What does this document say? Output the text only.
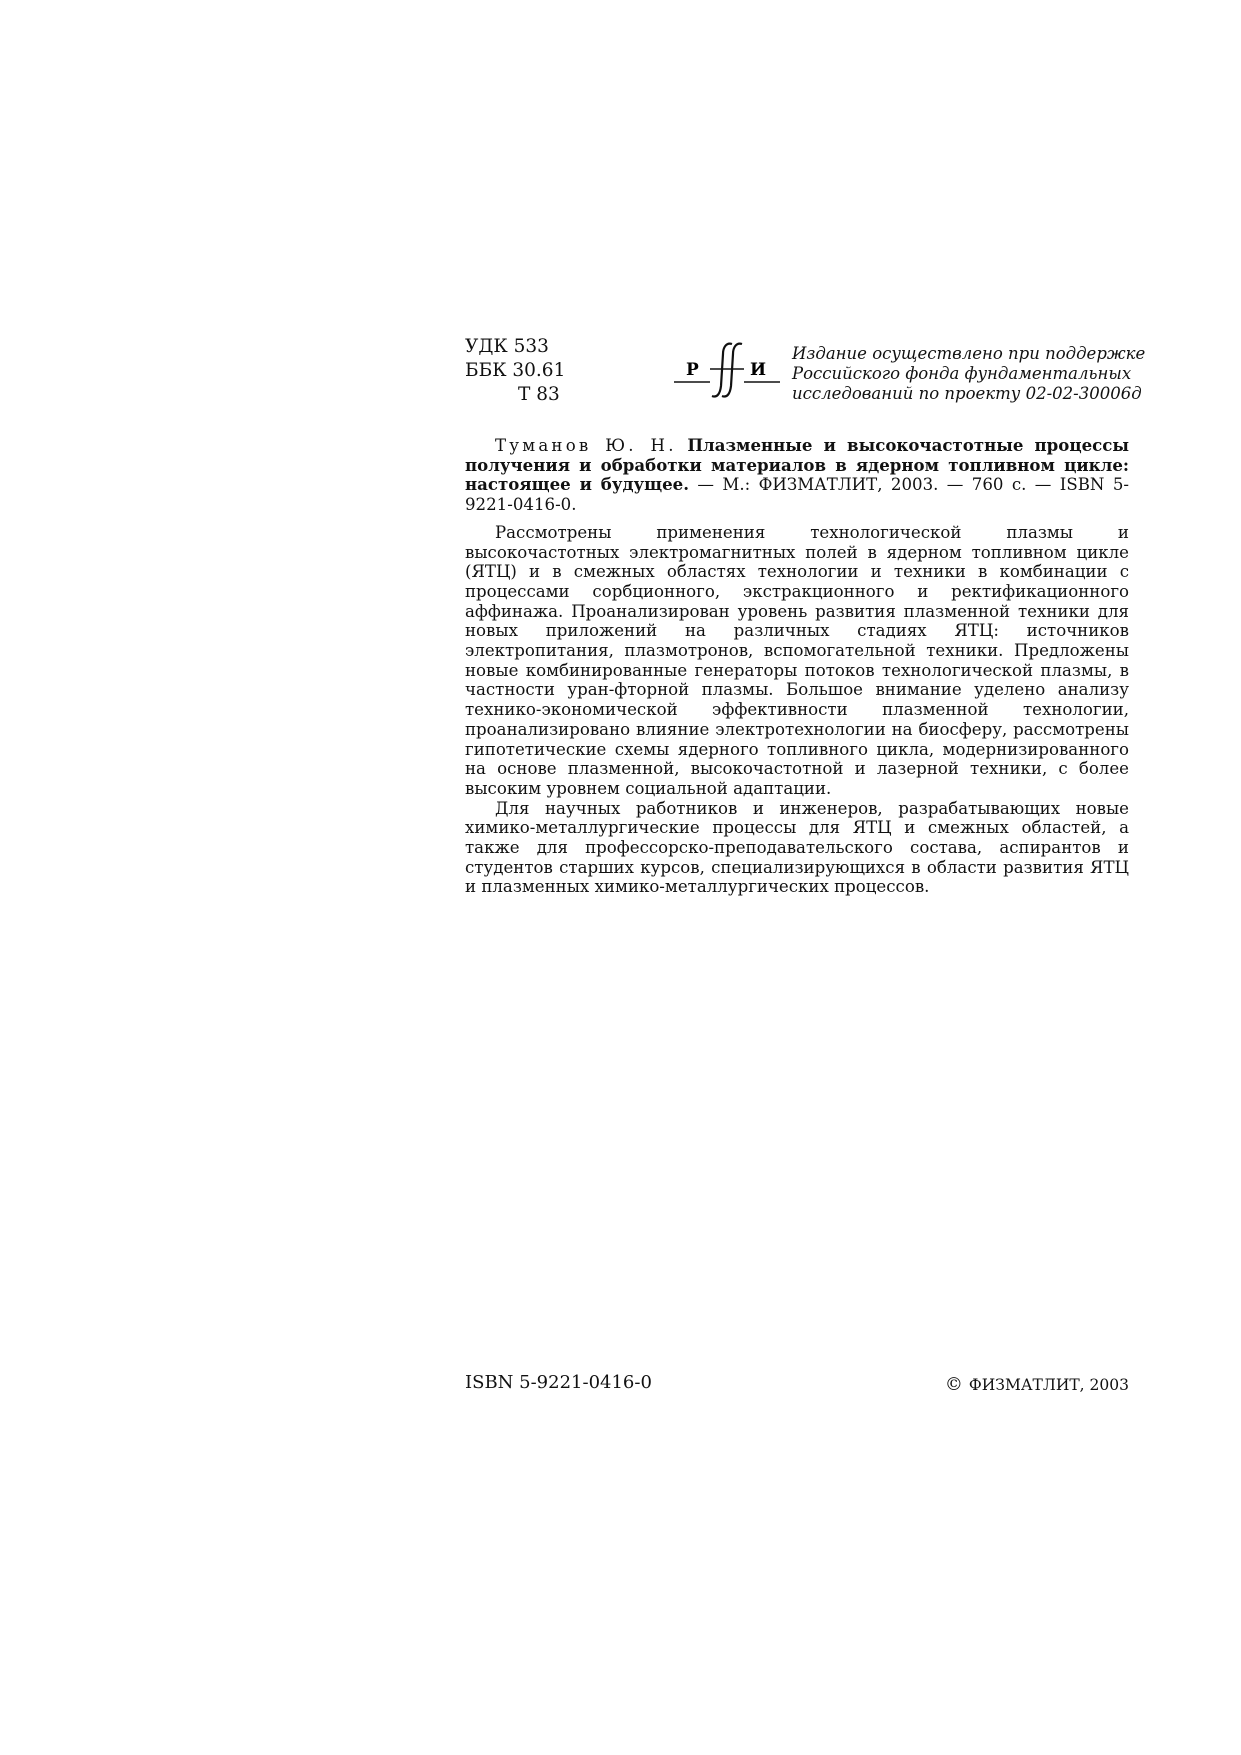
УДК 533
ББК 30.61
Т 83
Р	И
Издание осуществлено при поддержке
Российского фонда фундаментальных
исследований по проекту 02-02-30006д

Туманов Ю. Н. Плазменные и высокочастотные процессы получения и обработки материалов в ядерном топливном цикле: настоящее и будущее. — М.: ФИЗМАТЛИТ, 2003. — 760 с. — ISBN 5-9221-0416-0.

Рассмотрены применения технологической плазмы и высокочастотных электромагнитных полей в ядерном топливном цикле (ЯТЦ) и в смежных областях технологии и техники в комбинации с процессами сорбционного, экстракционного и ректификационного аффинажа. Проанализирован уровень развития плазменной техники для новых приложений на различных стадиях ЯТЦ: источников электропитания, плазмотронов, вспомогательной техники. Предложены новые комбинированные генераторы потоков технологической плазмы, в частности уран-фторной плазмы. Большое внимание уделено анализу технико-экономической эффективности плазменной технологии, проанализировано влияние электротехнологии на биосферу, рассмотрены гипотетические схемы ядерного топливного цикла, модернизированного на основе плазменной, высокочастотной и лазерной техники, с более высоким уровнем социальной адаптации.

Для научных работников и инженеров, разрабатывающих новые химико-металлургические процессы для ЯТЦ и смежных областей, а также для профессорско-преподавательского состава, аспирантов и студентов старших курсов, специализирующихся в области развития ЯТЦ и плазменных химико-металлургических процессов.

ISBN 5-9221-0416-0	© ФИЗМАТЛИТ, 2003
